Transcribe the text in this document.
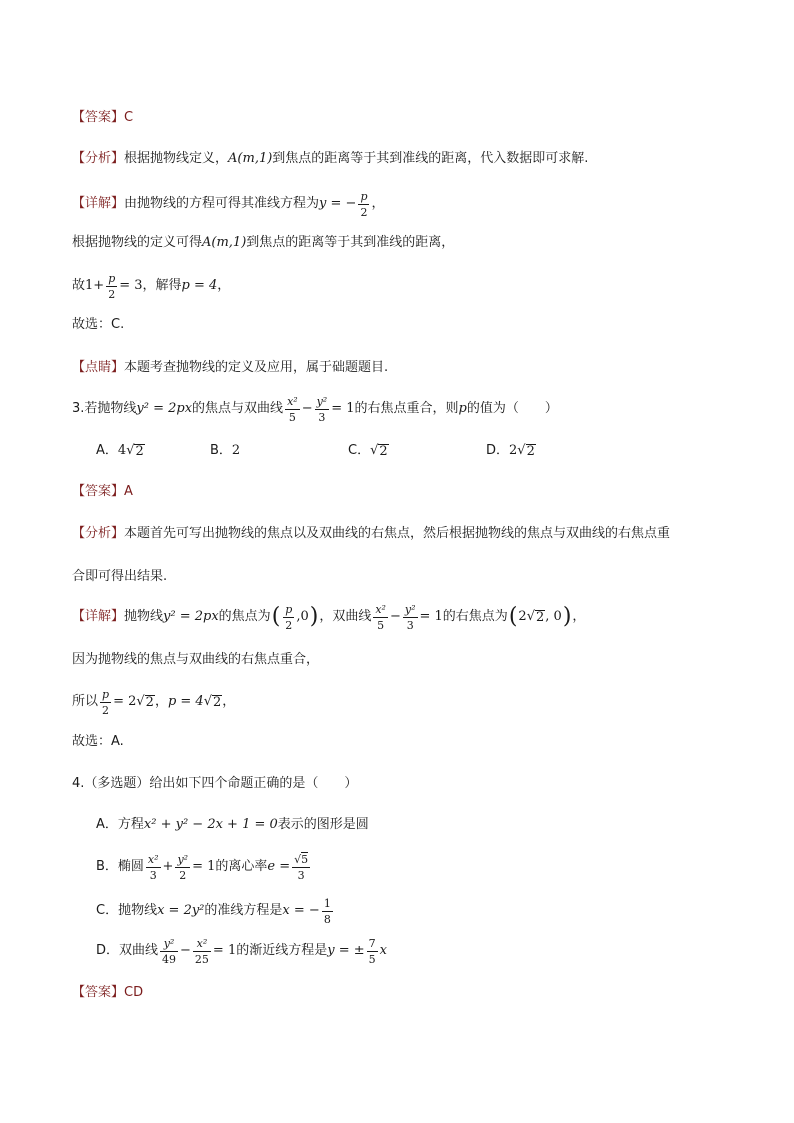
【答案】 C
【分析】 根据抛物线定义， A(m,1) 到焦点的距离等于其到准线的距离，代入数据即可求解.
【详解】 由抛物线的方程可得其准线方程为 y = − $\frac{p}{2}$ ，
根据抛物线的定义可得 A(m,1) 到焦点的距离等于其到准线的距离，
故 $1+ \frac{p}{2} = 3$ ，解得 p = 4 ，
故选：C.
【点睛】 本题考查抛物线的定义及应用，属于础题题目.
3.若抛物线 y² = 2px 的焦点与双曲线 $\frac{\text{x²}}{5} - \frac{\text{y²}}{3} = 1$ 的右焦点重合，则 p 的值为（　　）
A． 4 √ 2	B． 2	C． √ 2	D． 2 √ 2
【答案】 A
【分析】 本题首先可写出抛物线的焦点以及双曲线的右焦点，然后根据抛物线的焦点与双曲线的右焦点重
合即可得出结果.
【详解】 抛物线 y² = 2px 的焦点为 ( $\frac{p}{2} ,0$ ) ，双曲线 $\frac{\text{x²}}{5} - \frac{\text{y²}}{3} = 1$ 的右焦点为 ( 2 √ 2 , 0 ) ，
因为抛物线的焦点与双曲线的右焦点重合，
所以 $\frac{p}{2} = 2$ √ 2 ， p = 4 √ 2 ，
故选：A.
4.（多选题）给出如下四个命题正确的是（　　）
A．方程 x² + y² − 2x + 1 = 0 表示的图形是圆
B．椭圆 $\frac{\text{x²}}{3} + \frac{\text{y²}}{2} = 1$ 的离心率 $e = \frac{√5}{3}$
C．抛物线 x = 2y² 的准线方程是 x = − $\frac{1}{8}$
D．双曲线 $\frac{\text{y²}}{49} - \frac{\text{x²}}{25} = 1$ 的渐近线方程是 y = ± $\frac{7}{5}$ x
【答案】 CD
